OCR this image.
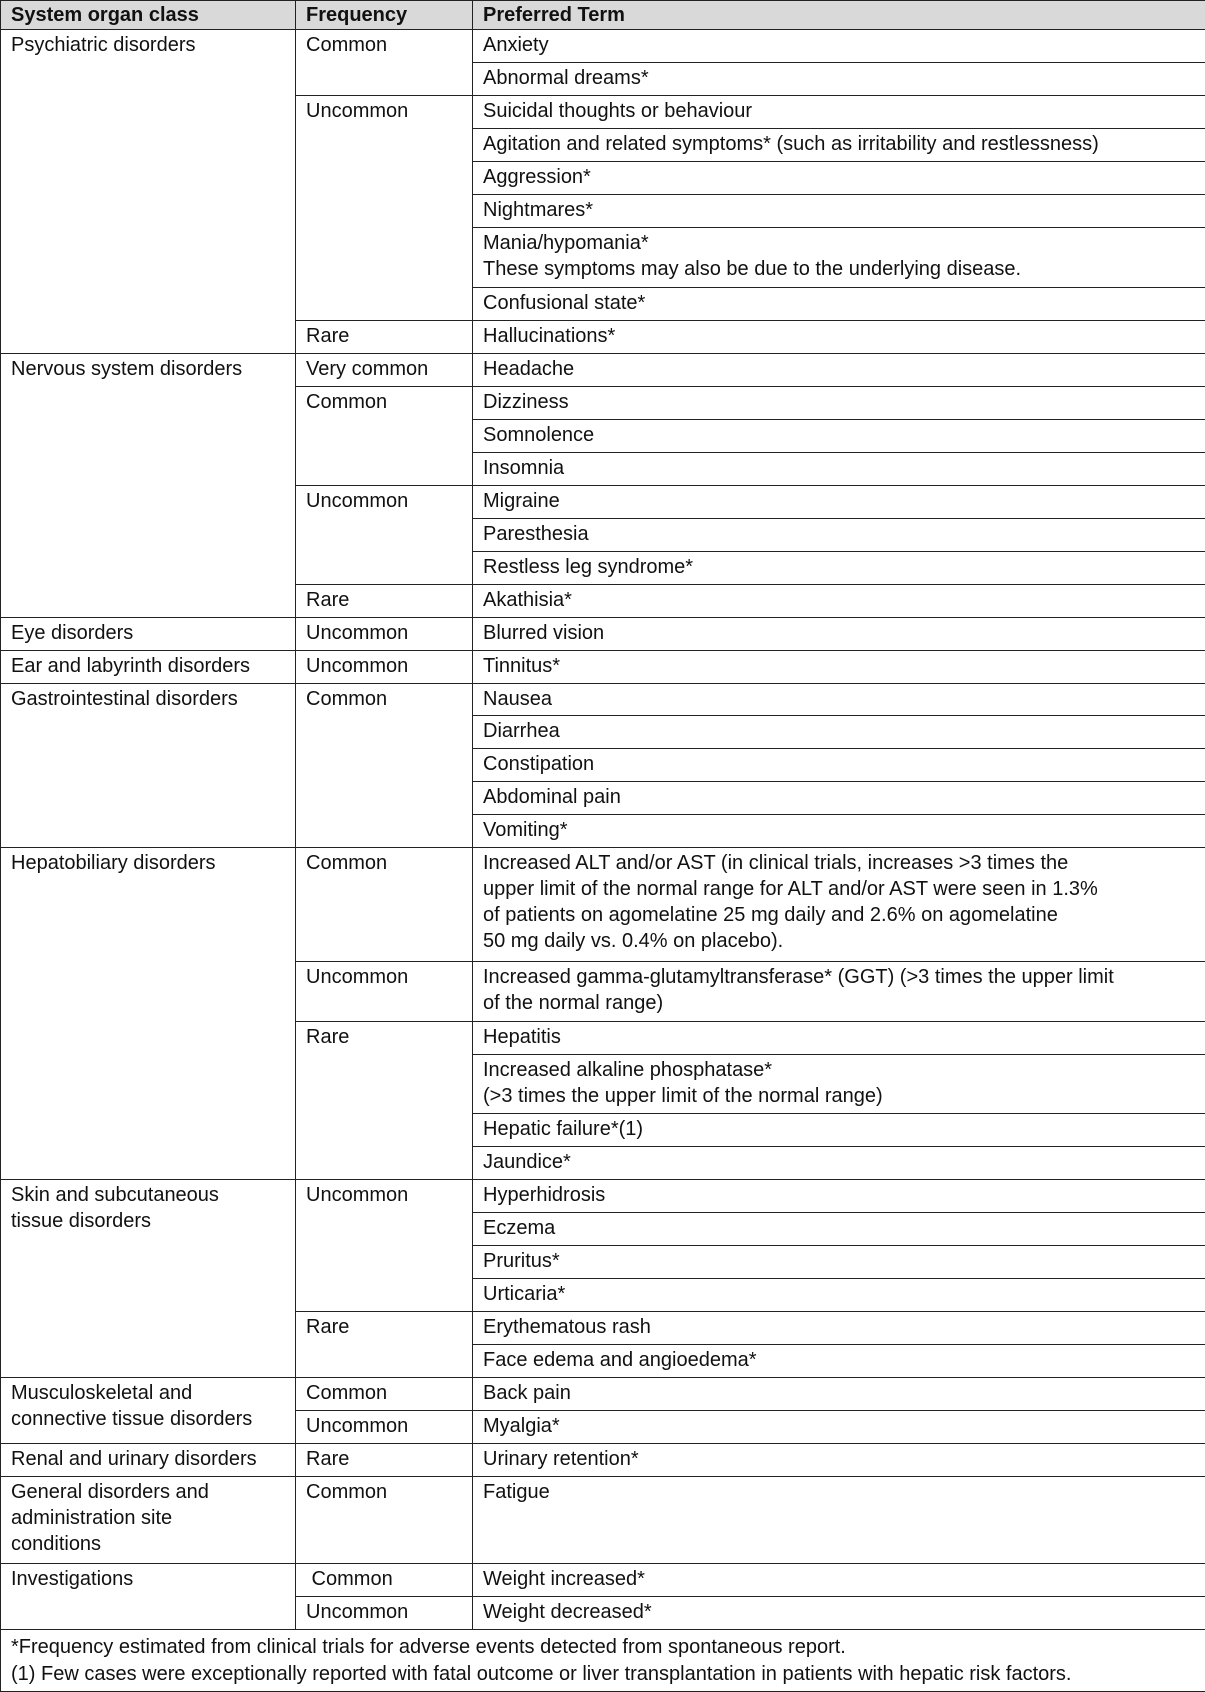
System organ class	Frequency	Preferred Term
Psychiatric disorders	Common	Anxiety
		Abnormal dreams*
	Uncommon	Suicidal thoughts or behaviour
		Agitation and related symptoms* (such as irritability and restlessness)
		Aggression*
		Nightmares*
		Mania/hypomania*
These symptoms may also be due to the underlying disease.
		Confusional state*
	Rare	Hallucinations*
Nervous system disorders	Very common	Headache
	Common	Dizziness
		Somnolence
		Insomnia
	Uncommon	Migraine
		Paresthesia
		Restless leg syndrome*
	Rare	Akathisia*
Eye disorders	Uncommon	Blurred vision
Ear and labyrinth disorders	Uncommon	Tinnitus*
Gastrointestinal disorders	Common	Nausea
		Diarrhea
		Constipation
		Abdominal pain
		Vomiting*
Hepatobiliary disorders	Common	Increased ALT and/or AST (in clinical trials, increases >3 times the
upper limit of the normal range for ALT and/or AST were seen in 1.3%
of patients on agomelatine 25 mg daily and 2.6% on agomelatine
50 mg daily vs. 0.4% on placebo).
	Uncommon	Increased gamma-glutamyltransferase* (GGT) (>3 times the upper limit
of the normal range)
	Rare	Hepatitis
		Increased alkaline phosphatase*
(>3 times the upper limit of the normal range)
		Hepatic failure*(1)
		Jaundice*
Skin and subcutaneous
tissue disorders	Uncommon	Hyperhidrosis
		Eczema
		Pruritus*
		Urticaria*
	Rare	Erythematous rash
		Face edema and angioedema*
Musculoskeletal and
connective tissue disorders	Common	Back pain
	Uncommon	Myalgia*
Renal and urinary disorders	Rare	Urinary retention*
General disorders and
administration site
conditions	Common	Fatigue
Investigations	Common	Weight increased*
	Uncommon	Weight decreased*

*Frequency estimated from clinical trials for adverse events detected from spontaneous report.
(1) Few cases were exceptionally reported with fatal outcome or liver transplantation in patients with hepatic risk factors.		
